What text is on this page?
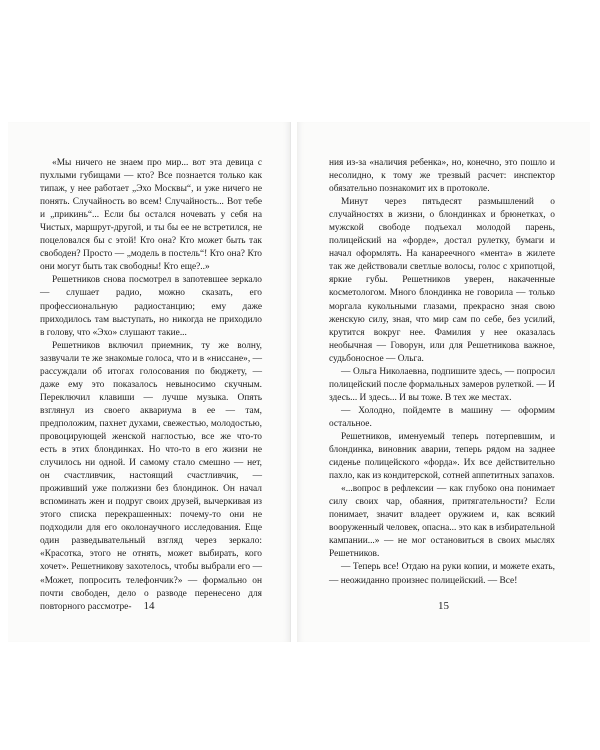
«Мы ничего не знаем про мир... вот эта девица с пухлыми губищами — кто? Все познается только как типаж, у нее работает „Эхо Москвы“, и уже ничего не понять. Случайность во всем! Случайность... Вот тебе и „прикинь“... Если бы остался ночевать у себя на Чистых, маршрут-другой, и ты бы ее не встретился, не поцеловался бы с этой! Кто она? Кто может быть так свободен? Просто — „модель в постель“! Кто она? Кто они могут быть так свободны! Кто еще?..»

Решетников снова посмотрел в запотевшее зеркало — слушает радио, можно сказать, его профессиональную радиостанцию; ему даже приходилось там выступать, но никогда не приходило в голову, что «Эхо» слушают такие...

Решетников включил приемник, ту же волну, зазвучали те же знакомые голоса, что и в «ниссане», — рассуждали об итогах голосования по бюджету, — даже ему это показалось невыносимо скучным. Переключил клавиши — лучше музыка. Опять взглянул из своего аквариума в ее — там, предположим, пахнет духами, свежестью, молодостью, провоцирующей женской наглостью, все же что-то есть в этих блондинках. Но что-то в его жизни не случилось ни одной. И самому стало смешно — нет, он счастливчик, настоящий счастливчик, — проживший уже полжизни без блондинок. Он начал вспоминать жен и подруг своих друзей, вычеркивая из этого списка перекрашенных: почему-то они не подходили для его околонаучного исследования. Еще один разведывательный взгляд через зеркало: «Красотка, этого не отнять, может выбирать, кого хочет». Решетникову захотелось, чтобы выбрали его — «Может, попросить телефончик?» — формально он почти свободен, дело о разводе перенесено для повторного рассмотре-	14

ния из-за «наличия ребенка», но, конечно, это пошло и несолидно, к тому же трезвый расчет: инспектор обязательно познакомит их в протоколе.

Минут через пятьдесят размышлений о случайностях в жизни, о блондинках и брюнетках, о мужской свободе подъехал молодой парень, полицейский на «форде», достал рулетку, бумаги и начал оформлять. На канареечного «мента» в жилете так же действовали светлые волосы, голос с хрипотцой, яркие губы. Решетников уверен, накаченные косметологом. Много блондинка не говорила — только моргала кукольными глазами, прекрасно зная свою женскую силу, зная, что мир сам по себе, без усилий, крутится вокруг нее. Фамилия у нее оказалась необычная — Говорун, или для Решетникова важное, судьбоносное — Ольга.

— Ольга Николаевна, подпишите здесь, — попросил полицейский после формальных замеров рулеткой. — И здесь... И здесь... И вы тоже. В тех же местах.

— Холодно, пойдемте в машину — оформим остальное.

Решетников, именуемый теперь потерпевшим, и блондинка, виновник аварии, теперь рядом на заднее сиденье полицейского «форда». Их все действительно пахло, как из кондитерской, сотней аппетитных запахов.

«...вопрос в рефлексии — как глубоко она понимает силу своих чар, обаяния, притягательности? Если понимает, значит владеет оружием и, как всякий вооруженный человек, опасна... это как в избирательной кампании...» — не мог остановиться в своих мыслях Решетников.

— Теперь все! Отдаю на руки копии, и можете ехать, — неожиданно произнес полицейский. — Все!

15
